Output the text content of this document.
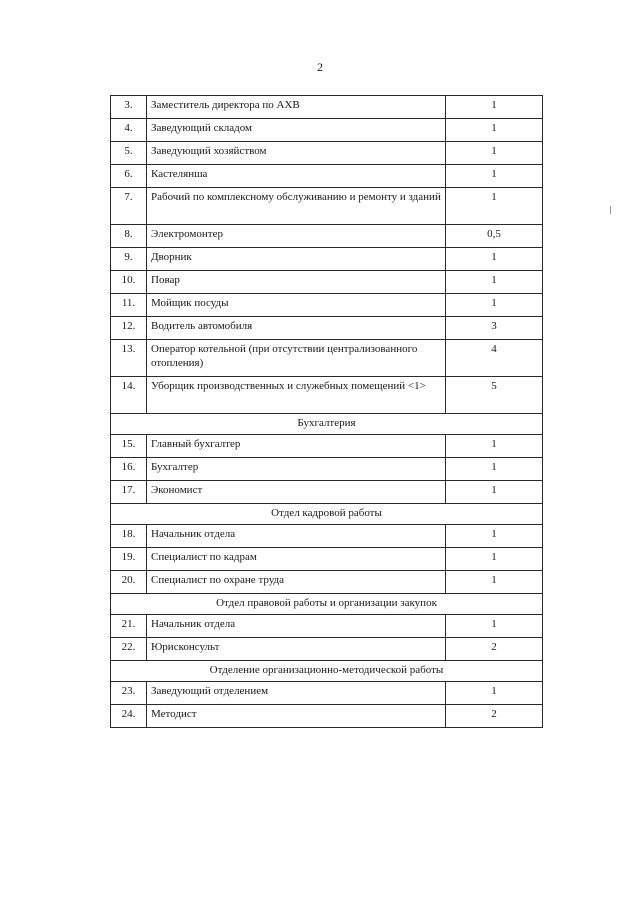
2
3.	Заместитель директора по АХВ	1
4.	Заведующий складом	1
5.	Заведующий хозяйством	1
6.	Кастелянша	1
7.	Рабочий по комплексному обслуживанию и ремонту и зданий	1
8.	Электромонтер	0,5
9.	Дворник	1
10.	Повар	1
11.	Мойщик посуды	1
12.	Водитель автомобиля	3
13.	Оператор котельной (при отсутствии централизованного отопления)	4
14.	Уборщик производственных и служебных помещений <1>	5
Бухгалтерия		
15.	Главный бухгалтер	1
16.	Бухгалтер	1
17.	Экономист	1
Отдел кадровой работы		
18.	Начальник отдела	1
19.	Специалист по кадрам	1
20.	Специалист по охране труда	1
Отдел правовой работы и организации закупок		
21.	Начальник отдела	1
22.	Юрисконсульт	2
Отделение организационно-методической работы		
23.	Заведующий отделением	1
24.	Методист	2
